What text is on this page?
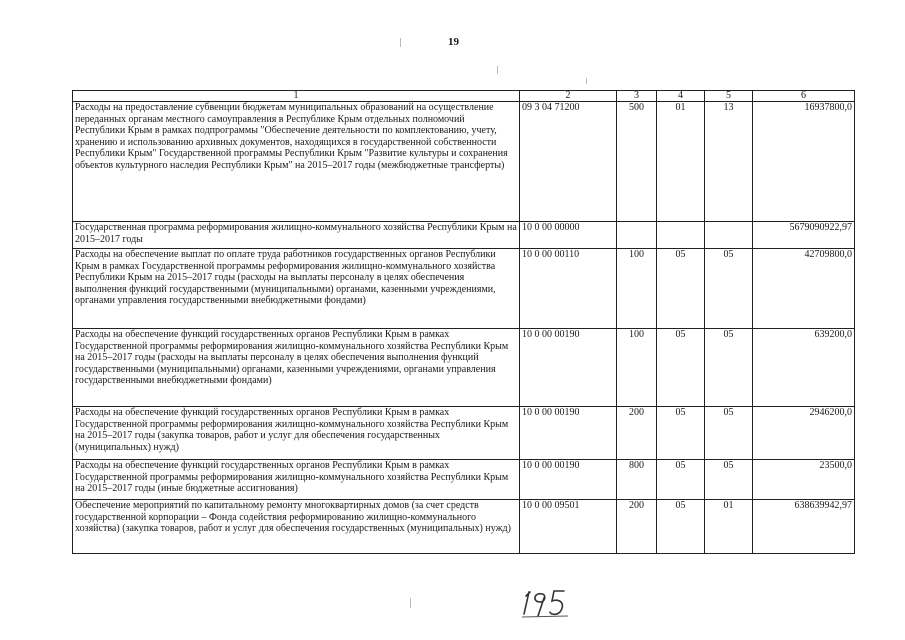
19
1	2	3	4	5	6
Расходы на предоставление субвенции бюджетам муниципальных образований на осуществление переданных органам местного самоуправления в Республике Крым отдельных полномочий Республики Крым в рамках подпрограммы "Обеспечение деятельности по комплектованию, учету, хранению и использованию архивных документов, находящихся в государственной собственности Республики Крым" Государственной программы Республики Крым "Развитие культуры и сохранения объектов культурного наследия Республики Крым" на 2015–2017 годы (межбюджетные трансферты)	09 3 04 71200	500	01	13	16937800,0
Государственная программа реформирования жилищно-коммунального хозяйства Республики Крым на 2015–2017 годы	10 0 00 00000				5679090922,97
Расходы на обеспечение выплат по оплате труда работников государственных органов Республики Крым в рамках Государственной программы реформирования жилищно-коммунального хозяйства Республики Крым на 2015–2017 годы (расходы на выплаты персоналу в целях обеспечения выполнения функций государственными (муниципальными) органами, казенными учреждениями, органами управления государственными внебюджетными фондами)	10 0 00 00110	100	05	05	42709800,0
Расходы на обеспечение функций государственных органов Республики Крым в рамках Государственной программы реформирования жилищно-коммунального хозяйства Республики Крым на 2015–2017 годы (расходы на выплаты персоналу в целях обеспечения выполнения функций государственными (муниципальными) органами, казенными учреждениями, органами управления государственными внебюджетными фондами)	10 0 00 00190	100	05	05	639200,0
Расходы на обеспечение функций государственных органов Республики Крым в рамках Государственной программы реформирования жилищно-коммунального хозяйства Республики Крым на 2015–2017 годы (закупка товаров, работ и услуг для обеспечения государственных (муниципальных) нужд)	10 0 00 00190	200	05	05	2946200,0
Расходы на обеспечение функций государственных органов Республики Крым в рамках Государственной программы реформирования жилищно-коммунального хозяйства Республики Крым на 2015–2017 годы (иные бюджетные ассигнования)	10 0 00 00190	800	05	05	23500,0
Обеспечение мероприятий по капитальному ремонту многоквартирных домов (за счет средств государственной корпорации – Фонда содействия реформированию жилищно-коммунального хозяйства) (закупка товаров, работ и услуг для обеспечения государственных (муниципальных) нужд)	10 0 00 09501	200	05	01	638639942,97
